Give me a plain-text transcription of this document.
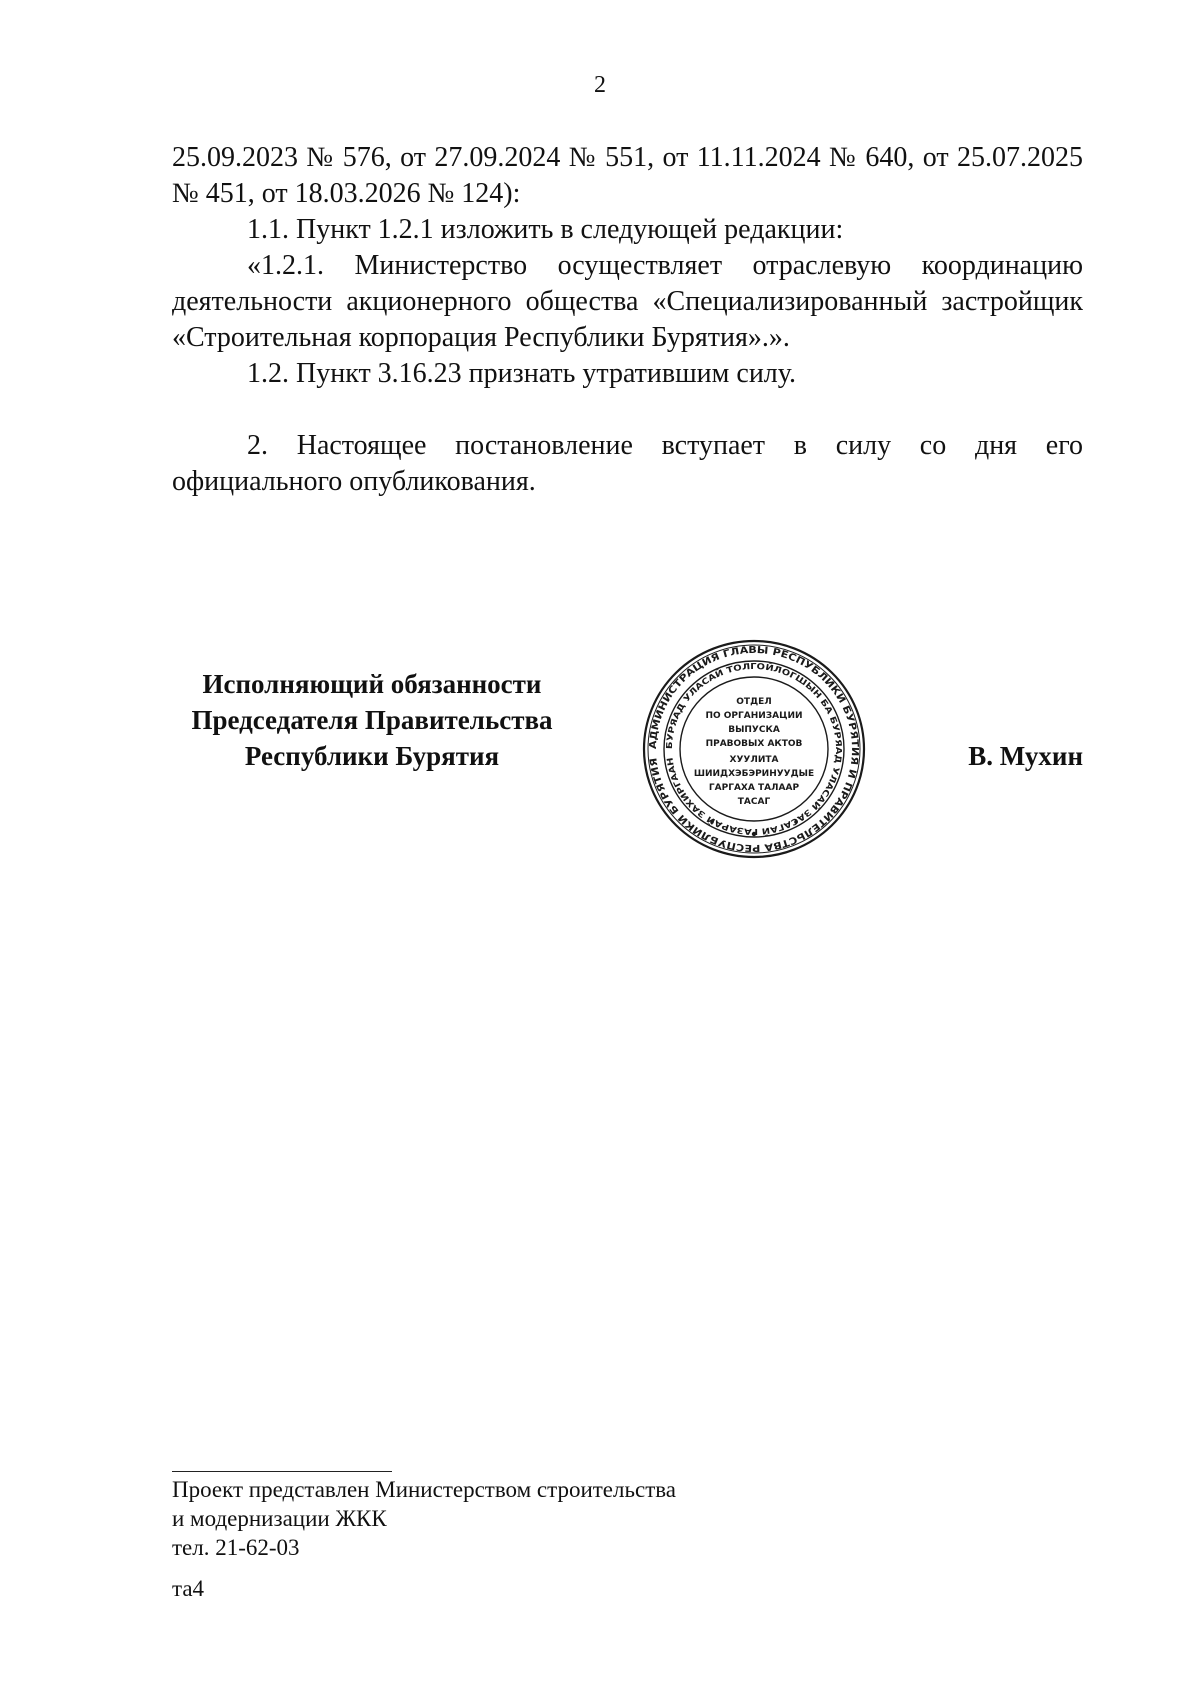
2

25.09.2023 № 576, от 27.09.2024 № 551, от 11.11.2024 № 640, от 25.07.2025 № 451, от 18.03.2026 № 124):

1.1. Пункт 1.2.1 изложить в следующей редакции:

«1.2.1. Министерство осуществляет отраслевую координацию деятельности акционерного общества «Специализированный застройщик «Строительная корпорация Республики Бурятия».».

1.2. Пункт 3.16.23 признать утратившим силу.

2. Настоящее постановление вступает в силу со дня его официального опубликования.

Исполняющий обязанности
Председателя Правительства
Республики Бурятия	АДМИНИСТРАЦИЯ ГЛАВЫ РЕСПУБЛИКИ БУРЯТИЯ И ПРАВИТЕЛЬСТВА РЕСПУБЛИКИ БУРЯТИЯ
БУРЯАД УЛАСАЙ ТОЛГОЙЛОГШЫН БА БУРЯАД УЛАСАЙ ЗА АГАЙ ГАЗАРА ЗАХИРГААН
ОТДЕЛ
ПО ОРГАНИЗАЦИИ
ВЫПУСКА
ПРАВОВЫХ АКТОВ
ХУУЛИТА
ШИИДХЭБЭРИНУУДЫЕ
ГАРГАХА ТАЛААР
ТАСАГ
В. Мухин
Проект представлен Министерством строительства
и модернизации ЖКК
тел. 21-62-03
та4
